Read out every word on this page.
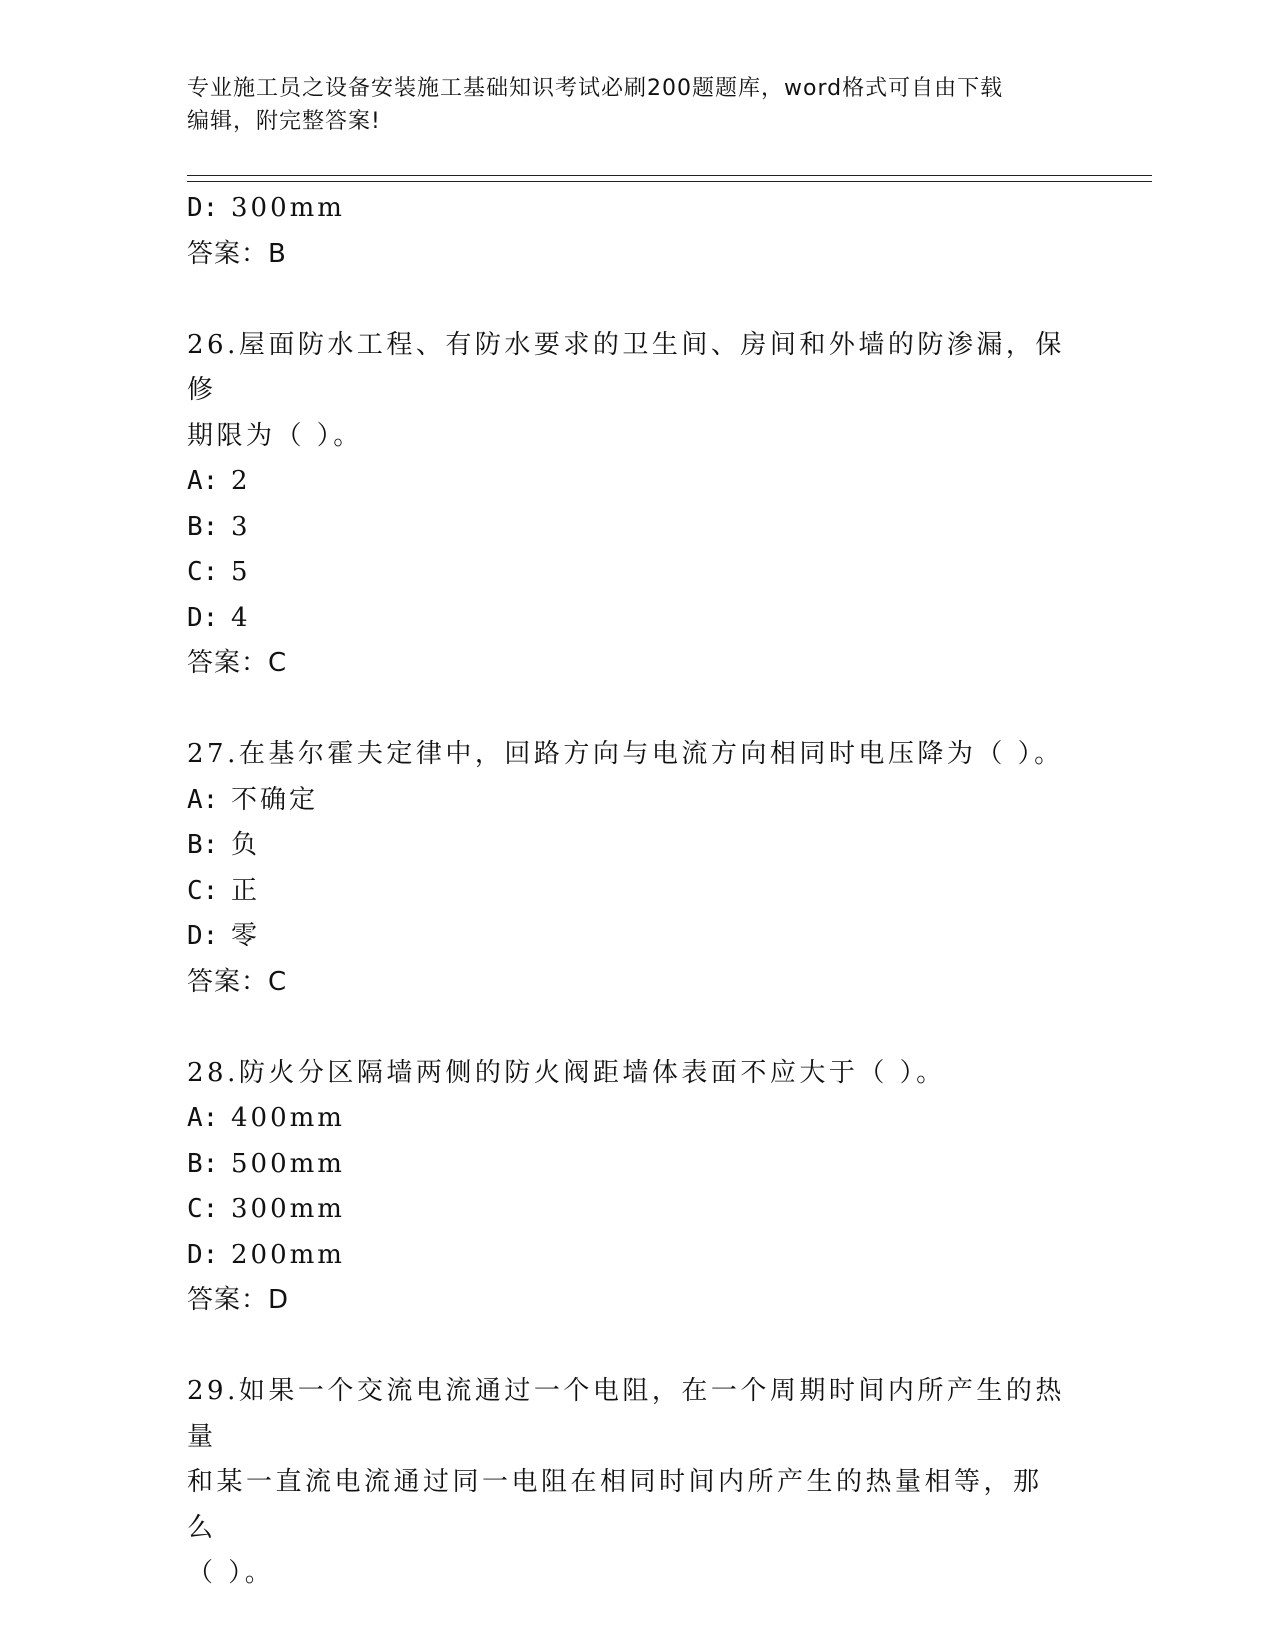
专业施工员之设备安装施工基础知识考试必刷200题题库，word格式可自由下载
编辑，附完整答案!
D: 300mm
答案：B
26.屋面防水工程、有防水要求的卫生间、房间和外墙的防渗漏，保修
期限为（ ）。
A: 2
B: 3
C: 5
D: 4
答案：C
27.在基尔霍夫定律中，回路方向与电流方向相同时电压降为（ ）。
A: 不确定
B: 负
C: 正
D: 零
答案：C
28.防火分区隔墙两侧的防火阀距墙体表面不应大于（ ）。
A: 400mm
B: 500mm
C: 300mm
D: 200mm
答案：D
29.如果一个交流电流通过一个电阻，在一个周期时间内所产生的热量
和某一直流电流通过同一电阻在相同时间内所产生的热量相等，那么
（ ）。
